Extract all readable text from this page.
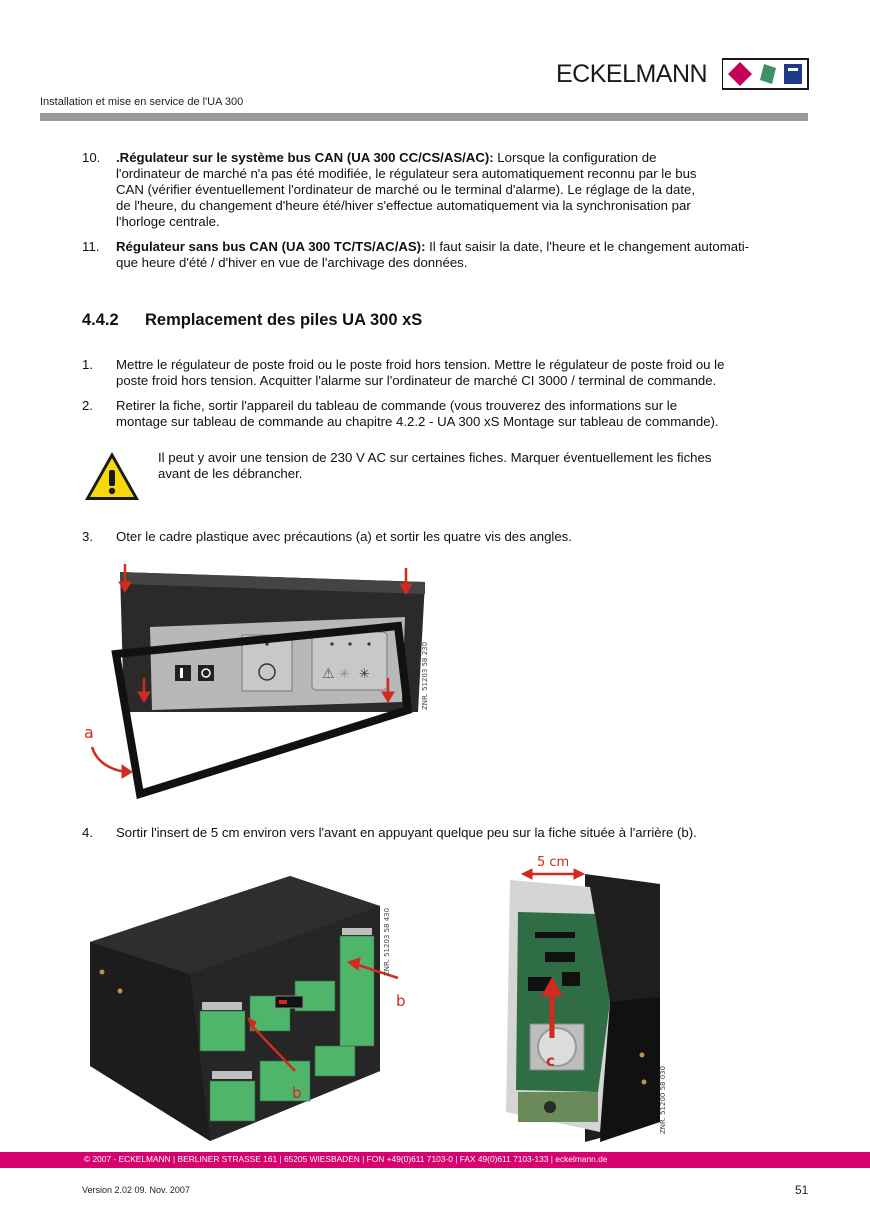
ECKELMANN
Installation et mise en service de l'UA 300
10. .Régulateur sur le système bus CAN (UA 300 CC/CS/AS/AC): Lorsque la configuration de
l'ordinateur de marché n'a pas été modifiée, le régulateur sera automatiquement reconnu par le bus
CAN (vérifier éventuellement l'ordinateur de marché ou le terminal d'alarme). Le réglage de la date,
de l'heure, du changement d'heure été/hiver s'effectue automatiquement via la synchronisation par
l'horloge centrale.
11. Régulateur sans bus CAN (UA 300 TC/TS/AC/AS): Il faut saisir la date, l'heure et le changement automati-
que heure d'été / d'hiver en vue de l'archivage des données.
4.4.2 Remplacement des piles UA 300 xS
1. Mettre le régulateur de poste froid ou le poste froid hors tension. Mettre le régulateur de poste froid ou le
poste froid hors tension. Acquitter l'alarme sur l'ordinateur de marché CI 3000 / terminal de commande.
2. Retirer la fiche, sortir l'appareil du tableau de commande (vous trouverez des informations sur le
montage sur tableau de commande au chapitre 4.2.2 - UA 300 xS Montage sur tableau de commande).
Il peut y avoir une tension de 230 V AC sur certaines fiches. Marquer éventuellement les fiches
avant de les débrancher.
3. Oter le cadre plastique avec précautions (a) et sortir les quatre vis des angles.
⚠ ✳ ✳
a
ZNR. 51203 58 230
4. Sortir l'insert de 5 cm environ vers l'avant en appuyant quelque peu sur la fiche située à l'arrière (b).
b
b
ZNR. 51203 58 430
5 cm
c
ZNR. 51200 58 030
© 2007 - ECKELMANN | BERLINER STRASSE 161 | 65205 WIESBADEN | FON +49(0)611 7103-0 | FAX 49(0)611 7103-133 | eckelmann.de
Version 2.02 09. Nov. 2007	51
